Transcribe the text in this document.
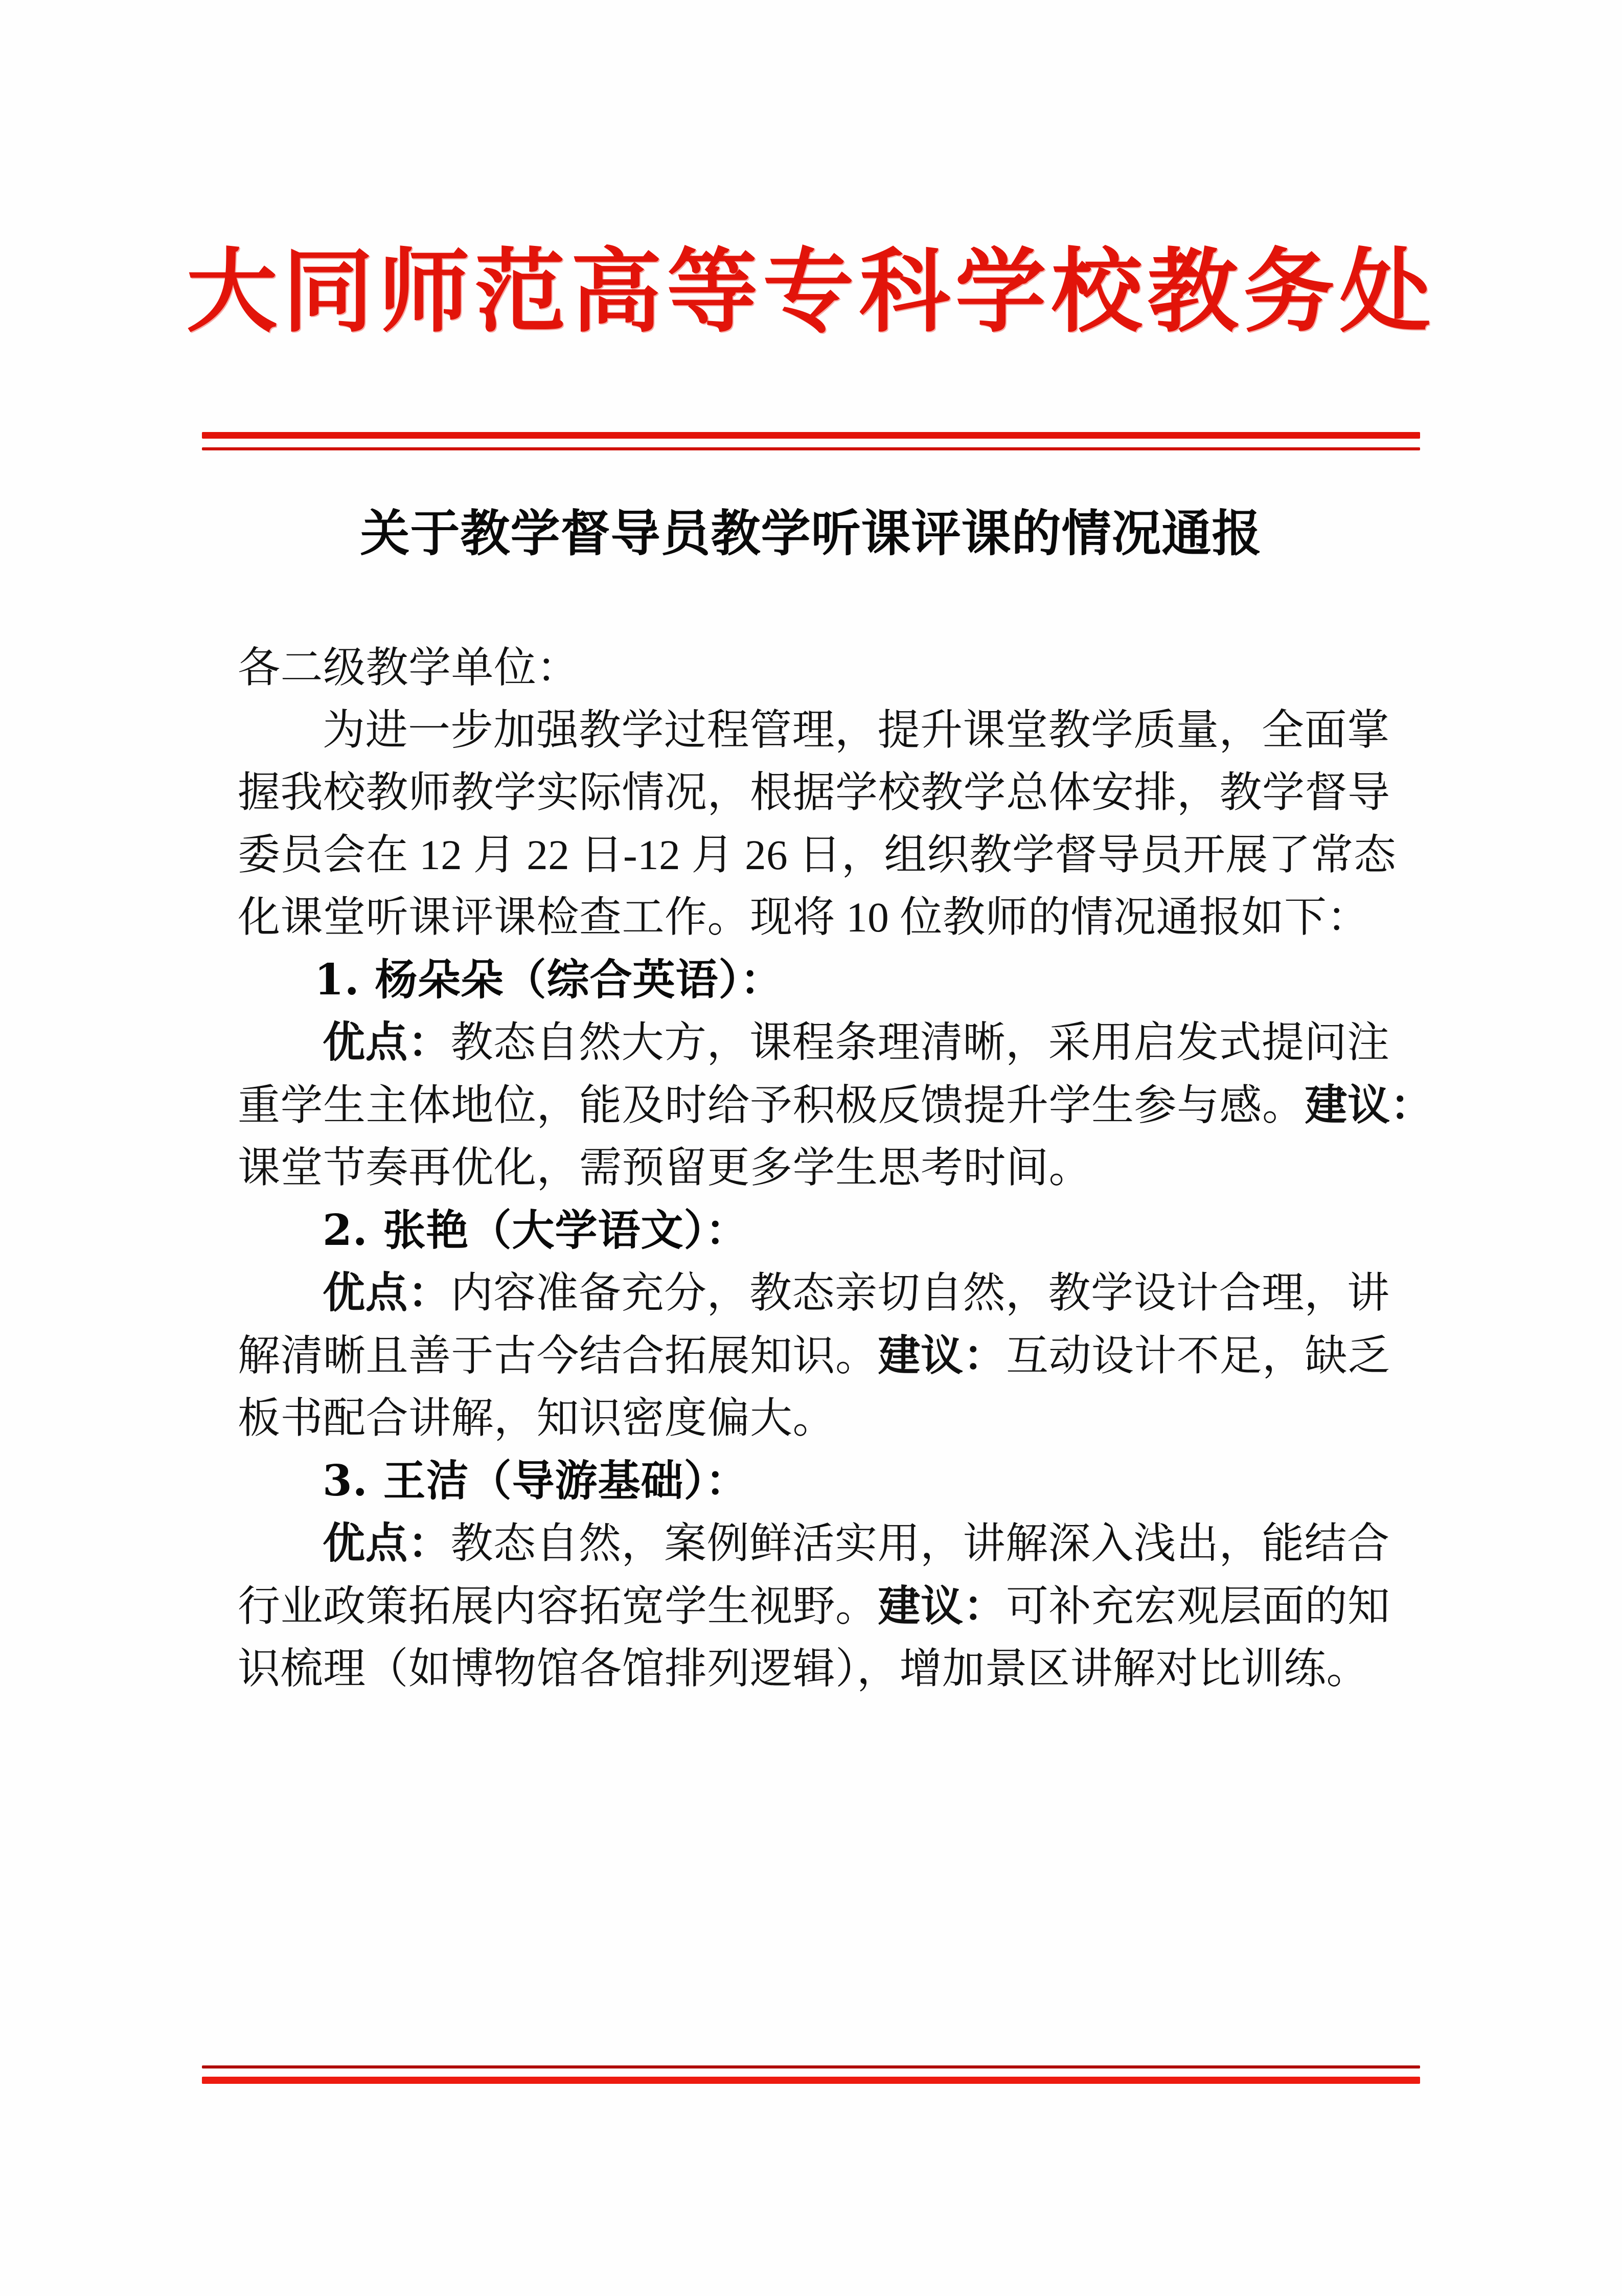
大同师范高等专科学校教务处
关于教学督导员教学听课评课的情况通报
各二级教学单位：
为进一步加强教学过程管理，提升课堂教学质量，全面掌
握我校教师教学实际情况，根据学校教学总体安排，教学督导
委员会在 12 月 22 日-12 月 26 日，组织教学督导员开展了常态
化课堂听课评课检查工作。现将 10 位教师的情况通报如下：
1. 杨朵朵（综合英语）：
优点：教态自然大方，课程条理清晰，采用启发式提问注
重学生主体地位，能及时给予积极反馈提升学生参与感。建议：
课堂节奏再优化，需预留更多学生思考时间。
2. 张艳（大学语文）：
优点：内容准备充分，教态亲切自然，教学设计合理，讲
解清晰且善于古今结合拓展知识。建议：互动设计不足，缺乏
板书配合讲解，知识密度偏大。
3. 王洁（导游基础）：
优点：教态自然，案例鲜活实用，讲解深入浅出，能结合
行业政策拓展内容拓宽学生视野。建议：可补充宏观层面的知
识梳理（如博物馆各馆排列逻辑），增加景区讲解对比训练。
